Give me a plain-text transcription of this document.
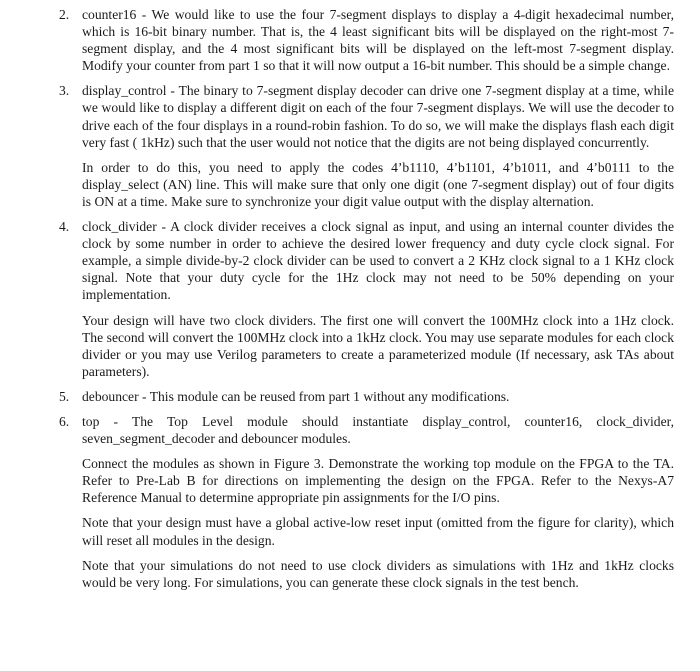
2. counter16 - We would like to use the four 7-segment displays to display a 4-digit hexadecimal number, which is 16-bit binary number. That is, the 4 least significant bits will be displayed on the right-most 7-segment display, and the 4 most significant bits will be displayed on the left-most 7-segment display. Modify your counter from part 1 so that it will now output a 16-bit number. This should be a simple change.

3. display_control - The binary to 7-segment display decoder can drive one 7-segment display at a time, while we would like to display a different digit on each of the four 7-segment displays. We will use the decoder to drive each of the four displays in a round-robin fashion. To do so, we will make the displays flash each digit very fast ( 1kHz) such that the user would not notice that the digits are not being displayed concurrently.

In order to do this, you need to apply the codes 4’b1110, 4’b1101, 4’b1011, and 4’b0111 to the display_select (AN) line. This will make sure that only one digit (one 7-segment display) out of four digits is ON at a time. Make sure to synchronize your digit value output with the display alternation.

4. clock_divider - A clock divider receives a clock signal as input, and using an internal counter divides the clock by some number in order to achieve the desired lower frequency and duty cycle clock signal. For example, a simple divide-by-2 clock divider can be used to convert a 2 KHz clock signal to a 1 KHz clock signal. Note that your duty cycle for the 1Hz clock may not need to be 50% depending on your implementation.

Your design will have two clock dividers. The first one will convert the 100MHz clock into a 1Hz clock. The second will convert the 100MHz clock into a 1kHz clock. You may use separate modules for each clock divider or you may use Verilog parameters to create a parameterized module (If necessary, ask TAs about parameters).

5. debouncer - This module can be reused from part 1 without any modifications.

6. top - The Top Level module should instantiate display_control, counter16, clock_divider, seven_segment_decoder and debouncer modules.

Connect the modules as shown in Figure 3. Demonstrate the working top module on the FPGA to the TA. Refer to Pre-Lab B for directions on implementing the design on the FPGA. Refer to the Nexys-A7 Reference Manual to determine appropriate pin assignments for the I/O pins.

Note that your design must have a global active-low reset input (omitted from the figure for clarity), which will reset all modules in the design.

Note that your simulations do not need to use clock dividers as simulations with 1Hz and 1kHz clocks would be very long. For simulations, you can generate these clock signals in the test bench.
